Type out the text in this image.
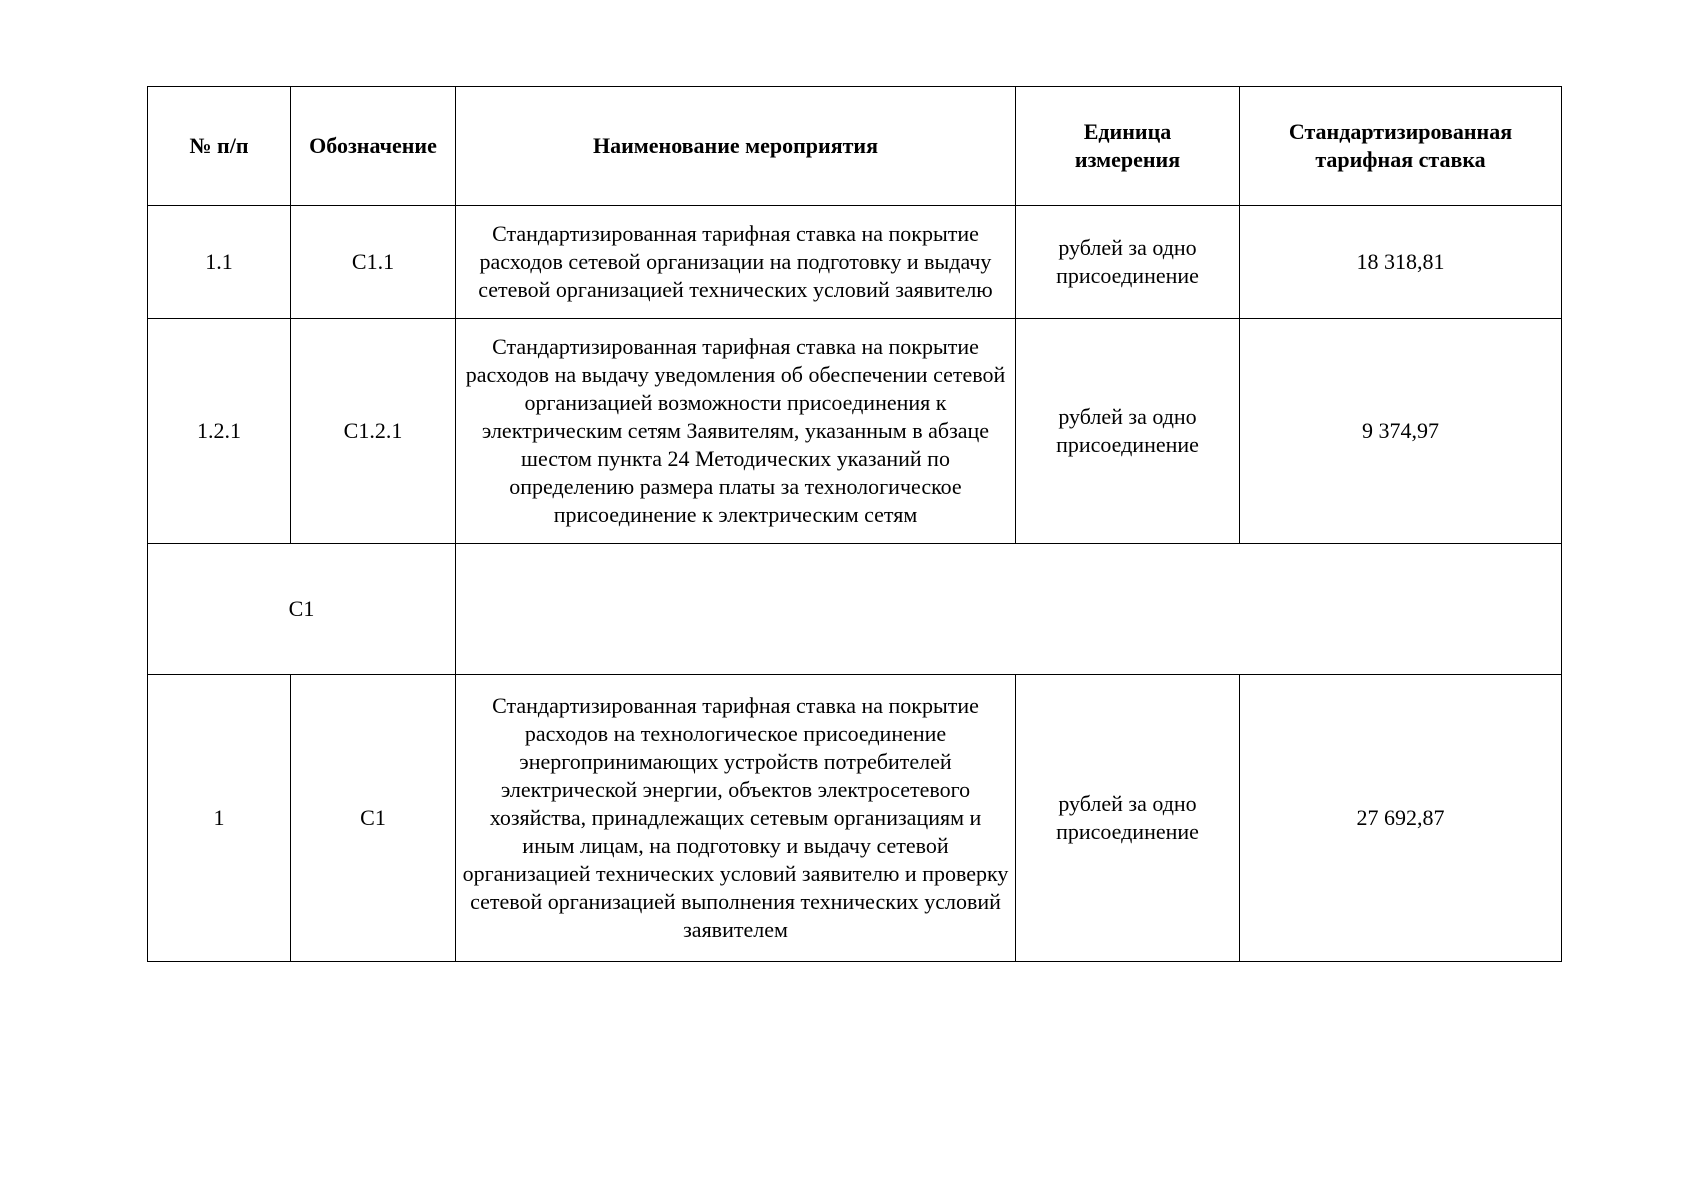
№ п/п	Обозначение	Наименование мероприятия	Единица
измерения	Стандартизированная
тарифная ставка
1.1	С1.1	Стандартизированная тарифная ставка на покрытие расходов сетевой организации на подготовку и выдачу сетевой организацией технических условий заявителю	рублей за одно
присоединение	18 318,81
1.2.1	С1.2.1	Стандартизированная тарифная ставка на покрытие расходов на выдачу уведомления об обеспечении сетевой организацией возможности присоединения к электрическим сетям Заявителям, указанным в абзаце шестом пункта 24 Методических указаний по определению размера платы за технологическое присоединение к электрическим сетям	рублей за одно
присоединение	9 374,97
С1				
1	С1	Стандартизированная тарифная ставка на покрытие расходов на технологическое присоединение энергопринимающих устройств потребителей электрической энергии, объектов электросетевого хозяйства, принадлежащих сетевым организациям и иным лицам, на подготовку и выдачу сетевой организацией технических условий заявителю и проверку сетевой организацией выполнения технических условий заявителем	рублей за одно
присоединение	27 692,87
